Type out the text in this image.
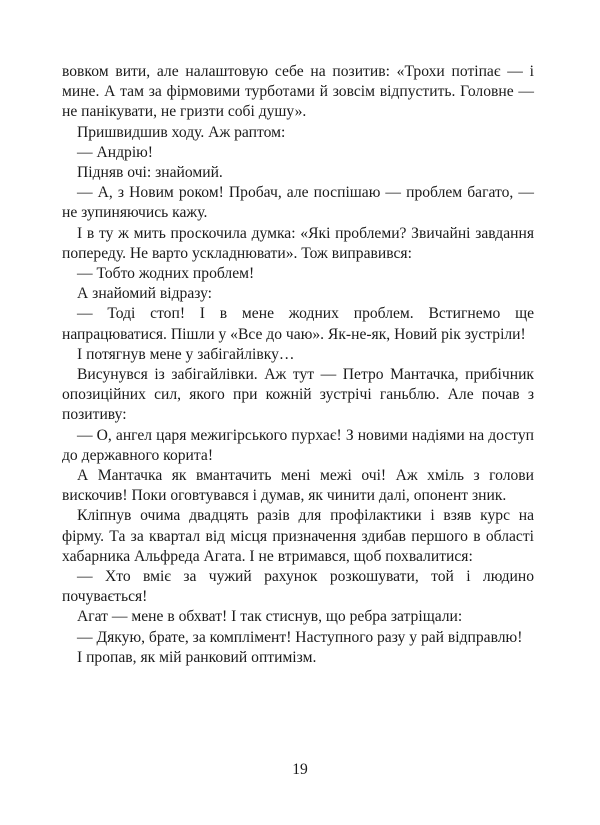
вовком вити, але налаштовую себе на позитив: «Трохи потіпає — і мине. А там за фірмовими турботами й зовсім відпустить. Головне — не панікувати, не гризти собі душу».

Пришвидшив ходу. Аж раптом:

— Андрію!

Підняв очі: знайомий.

— А, з Новим роком! Пробач, але поспішаю — проблем багато, — не зупиняючись кажу.

І в ту ж мить проскочила думка: «Які проблеми? Звичайні завдання попереду. Не варто ускладнювати». Тож виправився:

— Тобто жодних проблем!

А знайомий відразу:

— Тоді стоп! І в мене жодних проблем. Встигнемо ще напрацюватися. Пішли у «Все до чаю». Як-не-як, Новий рік зустріли!

І потягнув мене у забігайлівку…

Висунувся із забігайлівки. Аж тут — Петро Мантачка, прибічник опозиційних сил, якого при кожній зустрічі ганьблю. Але почав з позитиву:

— О, ангел царя межигірського пурхає! З новими надіями на доступ до державного корита!

А Мантачка як вмантачить мені межі очі! Аж хміль з голови вискочив! Поки оговтувався і думав, як чинити далі, опонент зник.

Кліпнув очима двадцять разів для профілактики і взяв курс на фірму. Та за квартал від місця призначення здибав першого в області хабарника Альфреда Агата. І не втримався, щоб похвалитися:

— Хто вміє за чужий рахунок розкошувати, той і людино почувається!

Агат — мене в обхват! І так стиснув, що ребра затріщали:

— Дякую, брате, за комплімент! Наступного разу у рай відправлю!

І пропав, як мій ранковий оптимізм.

19
